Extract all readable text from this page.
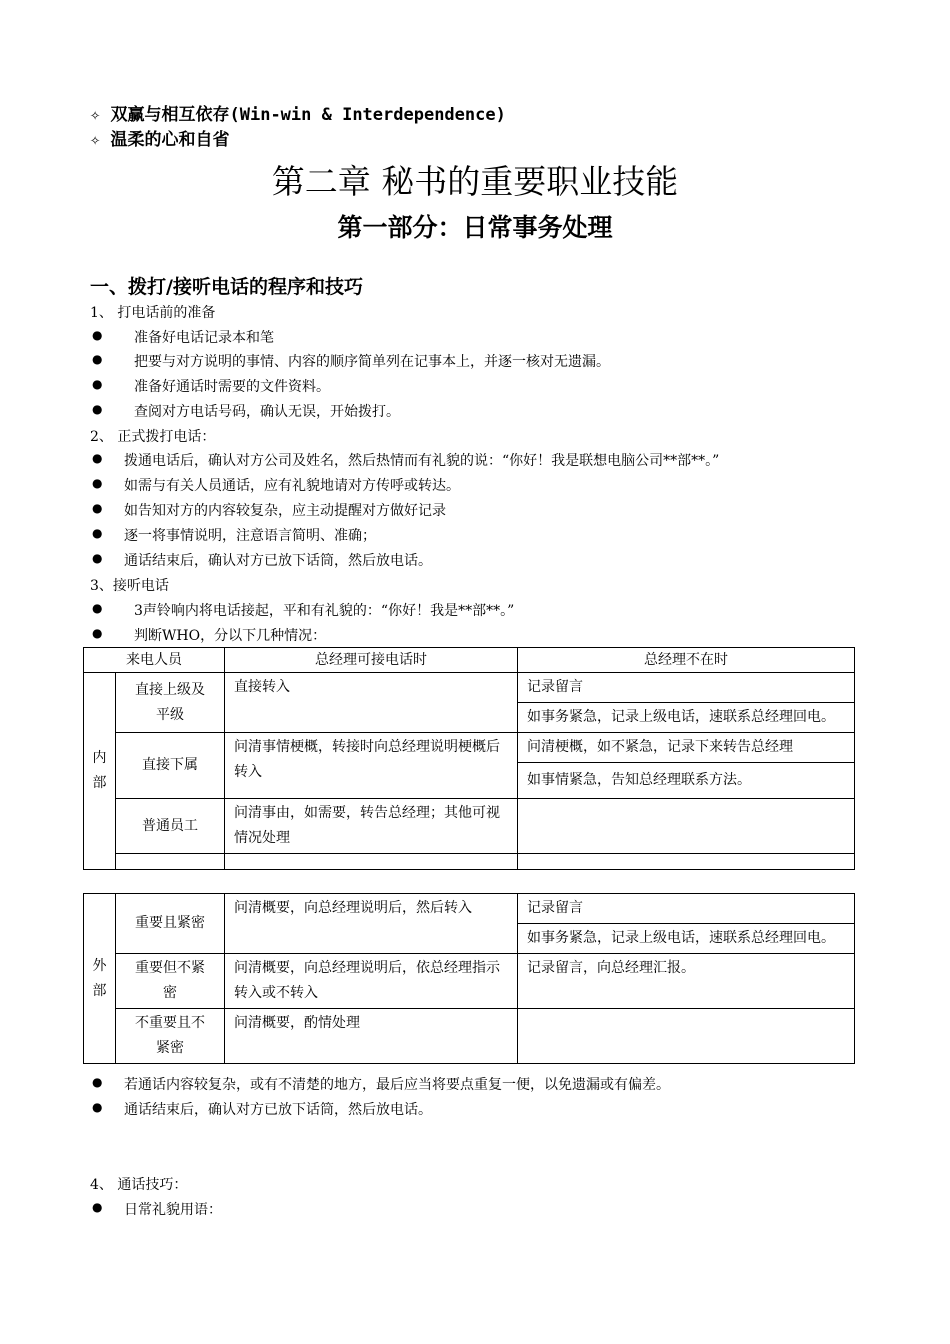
✧ 双赢与相互依存(Win-win & Interdependence)
✧ 温柔的心和自省
第二章 秘书的重要职业技能
第一部分：日常事务处理
一、拨打/接听电话的程序和技巧
1、 打电话前的准备
● 准备好电话记录本和笔
● 把要与对方说明的事情、内容的顺序简单列在记事本上，并逐一核对无遗漏。
● 准备好通话时需要的文件资料。
● 查阅对方电话号码，确认无误，开始拨打。
2、 正式拨打电话：
● 拨通电话后，确认对方公司及姓名，然后热情而有礼貌的说：“你好！我是联想电脑公司**部**。”
● 如需与有关人员通话，应有礼貌地请对方传呼或转达。
● 如告知对方的内容较复杂，应主动提醒对方做好记录
● 逐一将事情说明，注意语言简明、准确；
● 通话结束后，确认对方已放下话筒，然后放电话。
3、接听电话
● 3声铃响内将电话接起，平和有礼貌的：“你好！我是**部**。”
● 判断WHO，分以下几种情况：
来电人员		总经理可接电话时	总经理不在时
内
部	直接上级及
平级	直接转入	记录留言
			如事务紧急，记录上级电话，速联系总经理回电。
	直接下属	问清事情梗概，转接时向总经理说明梗概后转入	问清梗概，如不紧急，记录下来转告总经理
			如事情紧急，告知总经理联系方法。
	普通员工	问清事由，如需要，转告总经理；其他可视情况处理	

外
部	重要且紧密	问清概要，向总经理说明后，然后转入	记录留言
			如事务紧急，记录上级电话，速联系总经理回电。
	重要但不紧
密	问清概要，向总经理说明后，依总经理指示转入或不转入	记录留言，向总经理汇报。
	不重要且不
紧密	问清概要，酌情处理	
● 若通话内容较复杂，或有不清楚的地方，最后应当将要点重复一便，以免遗漏或有偏差。
● 通话结束后，确认对方已放下话筒，然后放电话。
4、 通话技巧：
● 日常礼貌用语：
